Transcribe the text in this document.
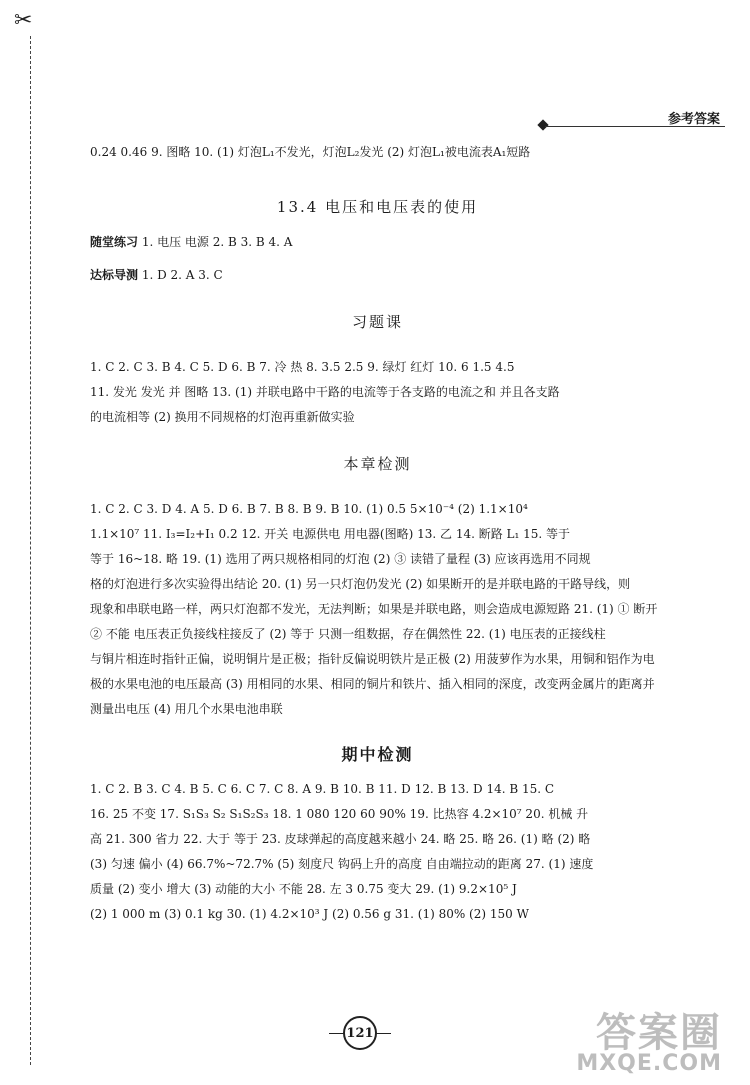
✂
参考答案
0.24 0.46 9. 图略 10. (1) 灯泡L₁不发光，灯泡L₂发光 (2) 灯泡L₁被电流表A₁短路
13.4 电压和电压表的使用
随堂练习 1. 电压 电源 2. B 3. B 4. A
达标导测 1. D 2. A 3. C
习题课
1. C 2. C 3. B 4. C 5. D 6. B 7. 冷 热 8. 3.5 2.5 9. 绿灯 红灯 10. 6 1.5 4.5
11. 发光 发光 并 图略 13. (1) 并联电路中干路的电流等于各支路的电流之和 并且各支路
的电流相等 (2) 换用不同规格的灯泡再重新做实验
本章检测
1. C 2. C 3. D 4. A 5. D 6. B 7. B 8. B 9. B 10. (1) 0.5 5×10⁻⁴ (2) 1.1×10⁴
1.1×10⁷ 11. I₃=I₂+I₁ 0.2 12. 开关 电源供电 用电器(图略) 13. 乙 14. 断路 L₁ 15. 等于
等于 16~18. 略 19. (1) 选用了两只规格相同的灯泡 (2) ③ 读错了量程 (3) 应该再选用不同规
格的灯泡进行多次实验得出结论 20. (1) 另一只灯泡仍发光 (2) 如果断开的是并联电路的干路导线，则
现象和串联电路一样，两只灯泡都不发光，无法判断；如果是并联电路，则会造成电源短路 21. (1) ① 断开
② 不能 电压表正负接线柱接反了 (2) 等于 只测一组数据，存在偶然性 22. (1) 电压表的正接线柱
与铜片相连时指针正偏，说明铜片是正极；指针反偏说明铁片是正极 (2) 用菠萝作为水果，用铜和铝作为电
极的水果电池的电压最高 (3) 用相同的水果、相同的铜片和铁片、插入相同的深度，改变两金属片的距离并
测量出电压 (4) 用几个水果电池串联
期中检测
1. C 2. B 3. C 4. B 5. C 6. C 7. C 8. A 9. B 10. B 11. D 12. B 13. D 14. B 15. C
16. 25 不变 17. S₁S₃ S₂ S₁S₂S₃ 18. 1 080 120 60 90% 19. 比热容 4.2×10⁷ 20. 机械 升
高 21. 300 省力 22. 大于 等于 23. 皮球弹起的高度越来越小 24. 略 25. 略 26. (1) 略 (2) 略
(3) 匀速 偏小 (4) 66.7%~72.7% (5) 刻度尺 钩码上升的高度 自由端拉动的距离 27. (1) 速度
质量 (2) 变小 增大 (3) 动能的大小 不能 28. 左 3 0.75 变大 29. (1) 9.2×10⁵ J
(2) 1 000 m (3) 0.1 kg 30. (1) 4.2×10³ J (2) 0.56 g 31. (1) 80% (2) 150 W
121	答案圈
MXQE.COM
